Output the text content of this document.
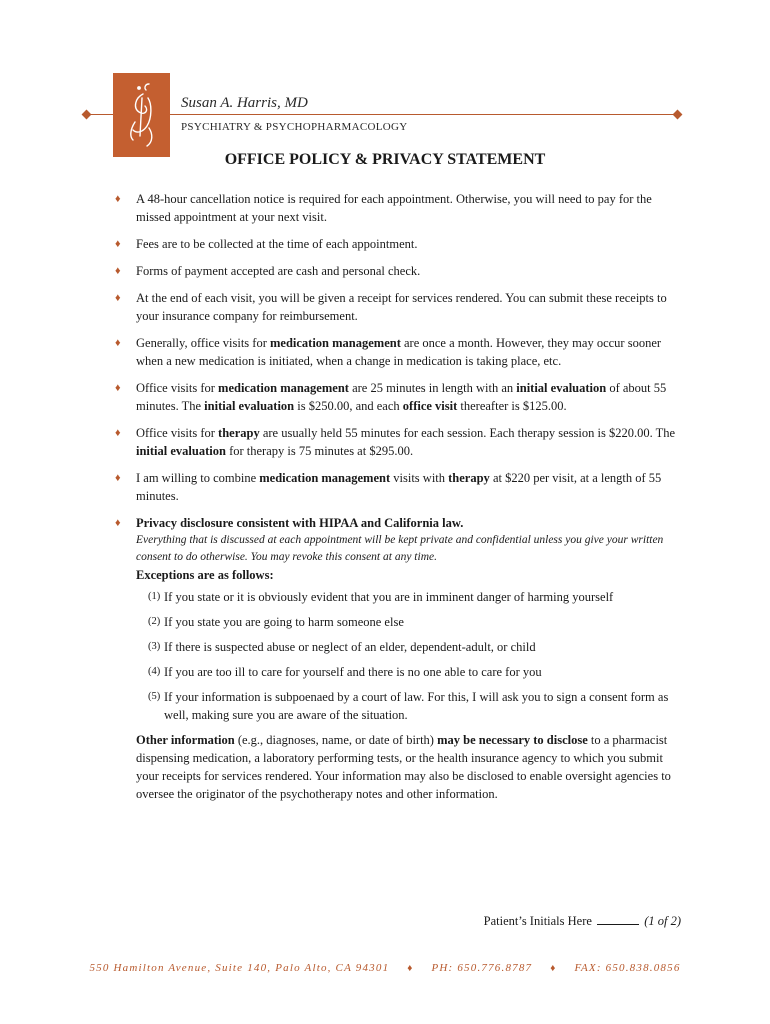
Susan A. Harris, MD
PSYCHIATRY & PSYCHOPHARMACOLOGY
OFFICE POLICY & PRIVACY STATEMENT
♦ A 48-hour cancellation notice is required for each appointment. Otherwise, you will need to pay for the missed appointment at your next visit.
♦ Fees are to be collected at the time of each appointment.
♦ Forms of payment accepted are cash and personal check.
♦ At the end of each visit, you will be given a receipt for services rendered. You can submit these receipts to your insurance company for reimbursement.
♦ Generally, office visits for medication management are once a month. However, they may occur sooner when a new medication is initiated, when a change in medication is taking place, etc.
♦ Office visits for medication management are 25 minutes in length with an initial evaluation of about 55 minutes. The initial evaluation is $250.00, and each office visit thereafter is $125.00.
♦ Office visits for therapy are usually held 55 minutes for each session. Each therapy session is $220.00. The initial evaluation for therapy is 75 minutes at $295.00.
♦ I am willing to combine medication management visits with therapy at $220 per visit, at a length of 55 minutes.
♦ Privacy disclosure consistent with HIPAA and California law.
Everything that is discussed at each appointment will be kept private and confidential unless you give your written consent to do otherwise. You may revoke this consent at any time.
Exceptions are as follows:
(1) If you state or it is obviously evident that you are in imminent danger of harming yourself
(2) If you state you are going to harm someone else
(3) If there is suspected abuse or neglect of an elder, dependent-adult, or child
(4) If you are too ill to care for yourself and there is no one able to care for you
(5) If your information is subpoenaed by a court of law. For this, I will ask you to sign a consent form as well, making sure you are aware of the situation.
Other information (e.g., diagnoses, name, or date of birth) may be necessary to disclose to a pharmacist dispensing medication, a laboratory performing tests, or the health insurance agency to which you submit your receipts for services rendered. Your information may also be disclosed to enable oversight agencies to oversee the originator of the psychotherapy notes and other information.
Patient’s Initials Here	(1 of 2)
550 Hamilton Avenue, Suite 140, Palo Alto, CA 94301 ♦ PH: 650.776.8787 ♦ FAX: 650.838.0856
